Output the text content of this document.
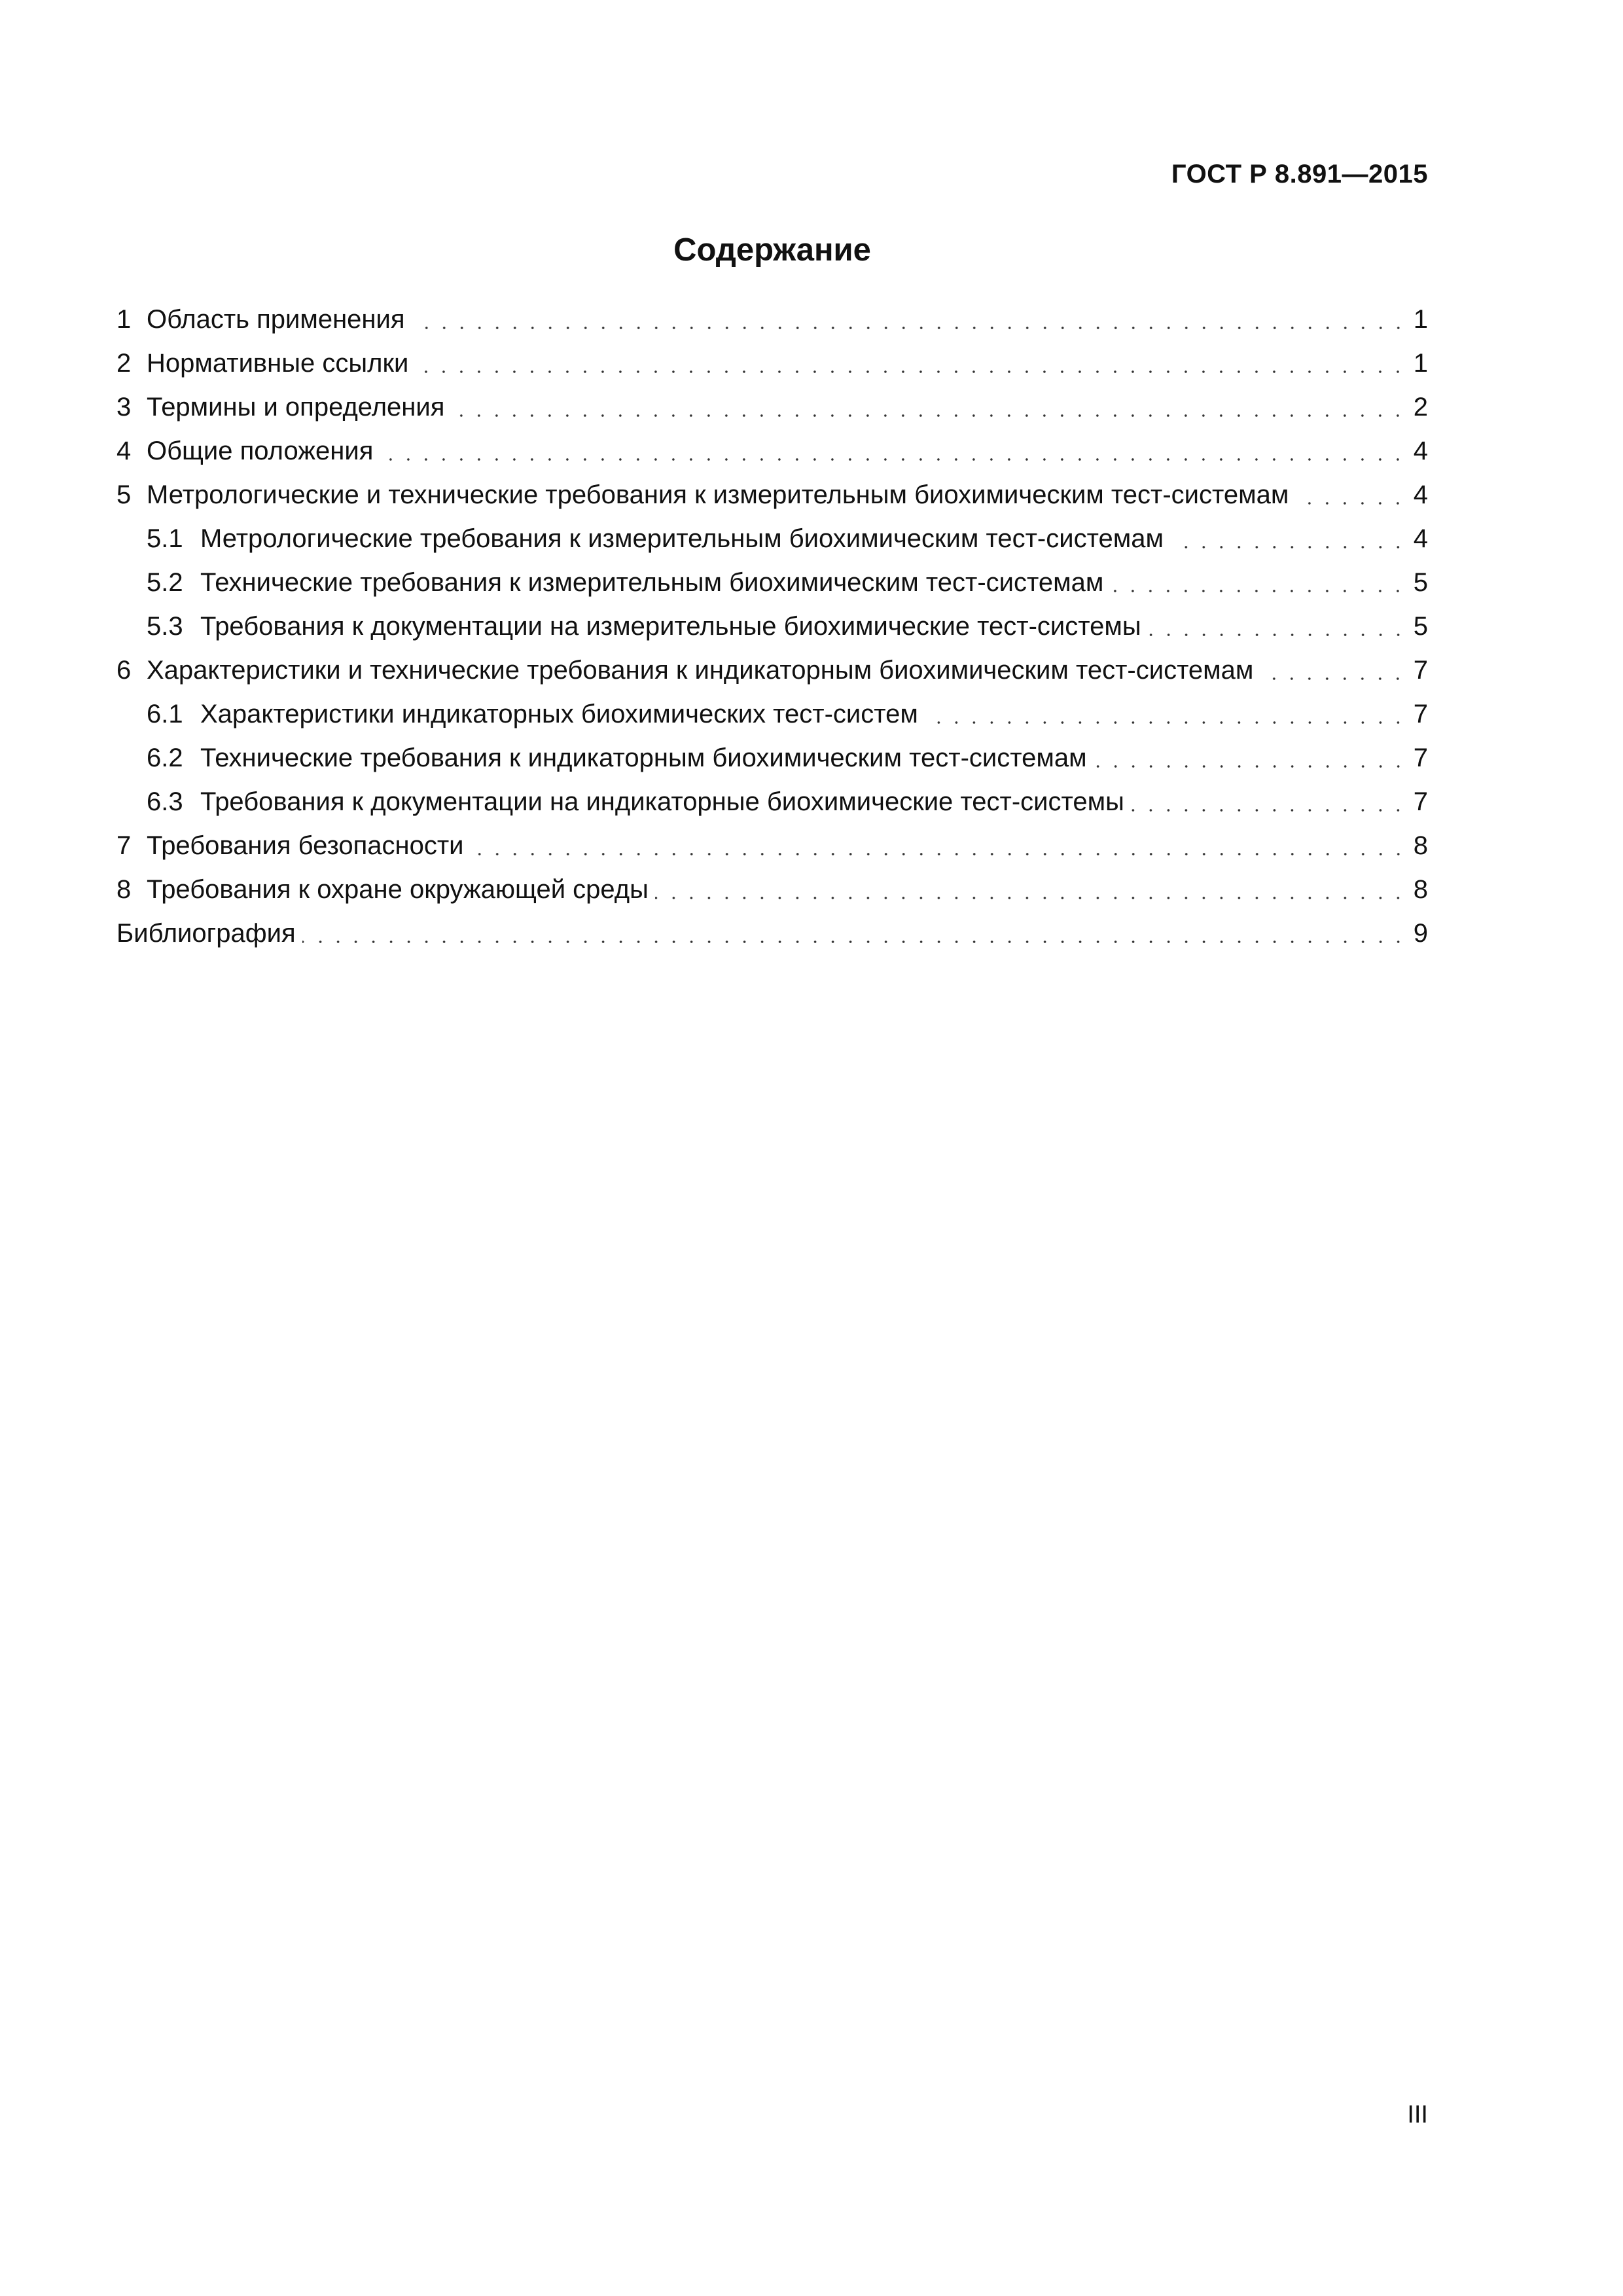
ГОСТ Р 8.891—2015
Содержание
1 Область применения	1
2 Нормативные ссылки	1
3 Термины и определения	2
4 Общие положения	4
5 Метрологические и технические требования к измерительным биохимическим тест-системам	4
5.1 Метрологические требования к измерительным биохимическим тест-системам	4
5.2 Технические требования к измерительным биохимическим тест-системам	5
5.3 Требования к документации на измерительные биохимические тест-системы	5
6 Характеристики и технические требования к индикаторным биохимическим тест-системам	7
6.1 Характеристики индикаторных биохимических тест-систем	7
6.2 Технические требования к индикаторным биохимическим тест-системам	7
6.3 Требования к документации на индикаторные биохимические тест-системы	7
7 Требования безопасности	8
8 Требования к охране окружающей среды	8
Библиография	9
III
